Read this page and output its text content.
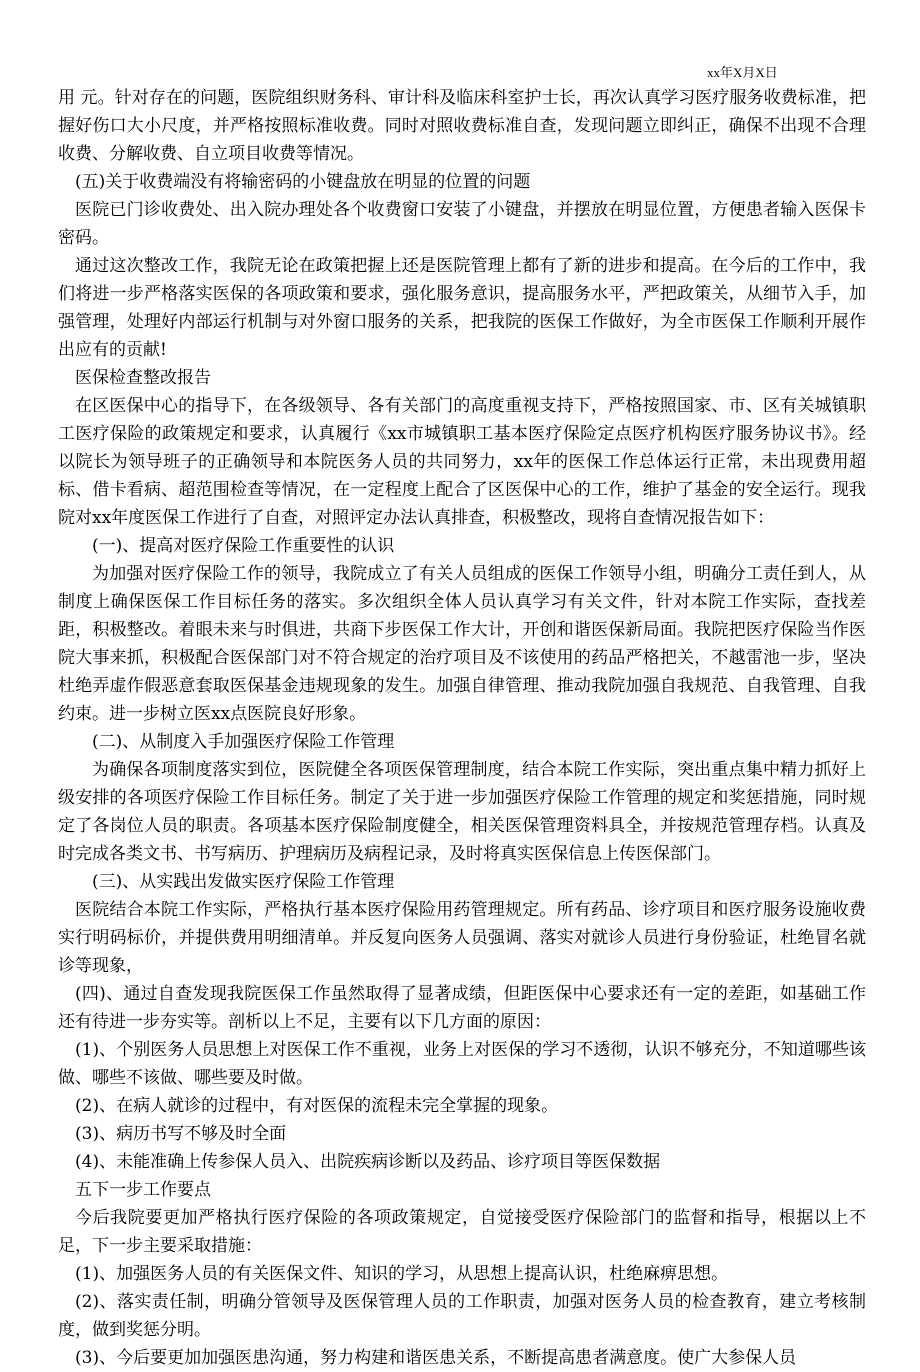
xx年X月X日

用 元。针对存在的问题，医院组织财务科、审计科及临床科室护士长，再次认真学习医疗服务收费标准，把握好伤口大小尺度，并严格按照标准收费。同时对照收费标准自查，发现问题立即纠正，确保不出现不合理收费、分解收费、自立项目收费等情况。

(五)关于收费端没有将输密码的小键盘放在明显的位置的问题

医院已门诊收费处、出入院办理处各个收费窗口安装了小键盘，并摆放在明显位置，方便患者输入医保卡密码。

通过这次整改工作，我院无论在政策把握上还是医院管理上都有了新的进步和提高。在今后的工作中，我们将进一步严格落实医保的各项政策和要求，强化服务意识，提高服务水平，严把政策关，从细节入手，加强管理，处理好内部运行机制与对外窗口服务的关系，把我院的医保工作做好，为全市医保工作顺利开展作出应有的贡献!

医保检查整改报告

在区医保中心的指导下，在各级领导、各有关部门的高度重视支持下，严格按照国家、市、区有关城镇职工医疗保险的政策规定和要求，认真履行《xx市城镇职工基本医疗保险定点医疗机构医疗服务协议书》。经以院长为领导班子的正确领导和本院医务人员的共同努力，xx年的医保工作总体运行正常，未出现费用超标、借卡看病、超范围检查等情况，在一定程度上配合了区医保中心的工作，维护了基金的安全运行。现我院对xx年度医保工作进行了自查，对照评定办法认真排查，积极整改，现将自查情况报告如下：

(一)、提高对医疗保险工作重要性的认识

为加强对医疗保险工作的领导，我院成立了有关人员组成的医保工作领导小组，明确分工责任到人，从制度上确保医保工作目标任务的落实。多次组织全体人员认真学习有关文件，针对本院工作实际，查找差距，积极整改。着眼未来与时俱进，共商下步医保工作大计，开创和谐医保新局面。我院把医疗保险当作医院大事来抓，积极配合医保部门对不符合规定的治疗项目及不该使用的药品严格把关，不越雷池一步，坚决杜绝弄虚作假恶意套取医保基金违规现象的发生。加强自律管理、推动我院加强自我规范、自我管理、自我约束。进一步树立医xx点医院良好形象。

(二)、从制度入手加强医疗保险工作管理

为确保各项制度落实到位，医院健全各项医保管理制度，结合本院工作实际，突出重点集中精力抓好上级安排的各项医疗保险工作目标任务。制定了关于进一步加强医疗保险工作管理的规定和奖惩措施，同时规定了各岗位人员的职责。各项基本医疗保险制度健全，相关医保管理资料具全，并按规范管理存档。认真及时完成各类文书、书写病历、护理病历及病程记录，及时将真实医保信息上传医保部门。

(三)、从实践出发做实医疗保险工作管理

医院结合本院工作实际，严格执行基本医疗保险用药管理规定。所有药品、诊疗项目和医疗服务设施收费实行明码标价，并提供费用明细清单。并反复向医务人员强调、落实对就诊人员进行身份验证，杜绝冒名就诊等现象，

(四)、通过自查发现我院医保工作虽然取得了显著成绩，但距医保中心要求还有一定的差距，如基础工作还有待进一步夯实等。剖析以上不足，主要有以下几方面的原因：

(1)、个别医务人员思想上对医保工作不重视，业务上对医保的学习不透彻，认识不够充分，不知道哪些该做、哪些不该做、哪些要及时做。

(2)、在病人就诊的过程中，有对医保的流程未完全掌握的现象。

(3)、病历书写不够及时全面

(4)、未能准确上传参保人员入、出院疾病诊断以及药品、诊疗项目等医保数据

五下一步工作要点

今后我院要更加严格执行医疗保险的各项政策规定，自觉接受医疗保险部门的监督和指导，根据以上不足，下一步主要采取措施：

(1)、加强医务人员的有关医保文件、知识的学习，从思想上提高认识，杜绝麻痹思想。

(2)、落实责任制，明确分管领导及医保管理人员的工作职责，加强对医务人员的检查教育，建立考核制度，做到奖惩分明。

(3)、今后要更加加强医患沟通，努力构建和谐医患关系，不断提高患者满意度。使广大参保人员
